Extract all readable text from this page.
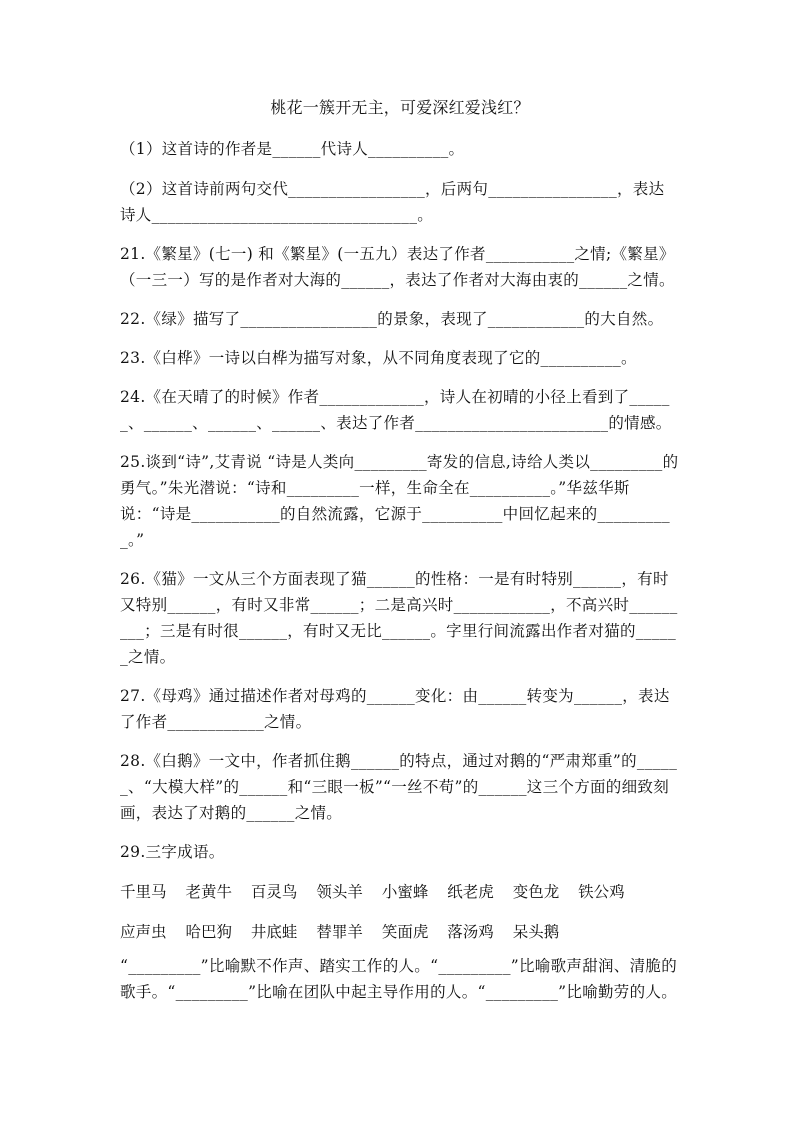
桃花一簇开无主，可爱深红爱浅红？
（1）这首诗的作者是______代诗人__________。
（2）这首诗前两句交代_________________，后两句________________，表达诗人_________________________________。
21.《繁星》(七一) 和《繁星》(一五九）表达了作者___________之情;《繁星》（一三一）写的是作者对大海的______，表达了作者对大海由衷的______之情。
22.《绿》描写了_________________的景象，表现了____________的大自然。
23.《白桦》一诗以白桦为描写对象，从不同角度表现了它的__________。
24.《在天晴了的时候》作者_____________，诗人在初晴的小径上看到了______、______、______、______、表达了作者________________________的情感。
25.谈到“诗”,艾青说 “诗是人类向_________寄发的信息,诗给人类以_________的勇气。”朱光潜说：“诗和_________一样，生命全在__________。”华兹华斯说：“诗是___________的自然流露，它源于__________中回忆起来的__________。”
26.《猫》一文从三个方面表现了猫______的性格：一是有时特别______，有时又特别______，有时又非常______；二是高兴时____________，不高兴时_________；三是有时很______，有时又无比______。字里行间流露出作者对猫的______之情。
27.《母鸡》通过描述作者对母鸡的______变化：由______转变为______，表达了作者____________之情。
28.《白鹅》一文中，作者抓住鹅______的特点，通过对鹅的“严肃郑重”的______、“大模大样”的______和“三眼一板”“一丝不苟”的______这三个方面的细致刻画，表达了对鹅的______之情。
29.三字成语。
千里马 老黄牛 百灵鸟 领头羊 小蜜蜂 纸老虎 变色龙 铁公鸡
应声虫 哈巴狗 井底蛙 替罪羊 笑面虎 落汤鸡 呆头鹅
“_________”比喻默不作声、踏实工作的人。“_________”比喻歌声甜润、清脆的歌手。“_________”比喻在团队中起主导作用的人。“_________”比喻勤劳的人。
